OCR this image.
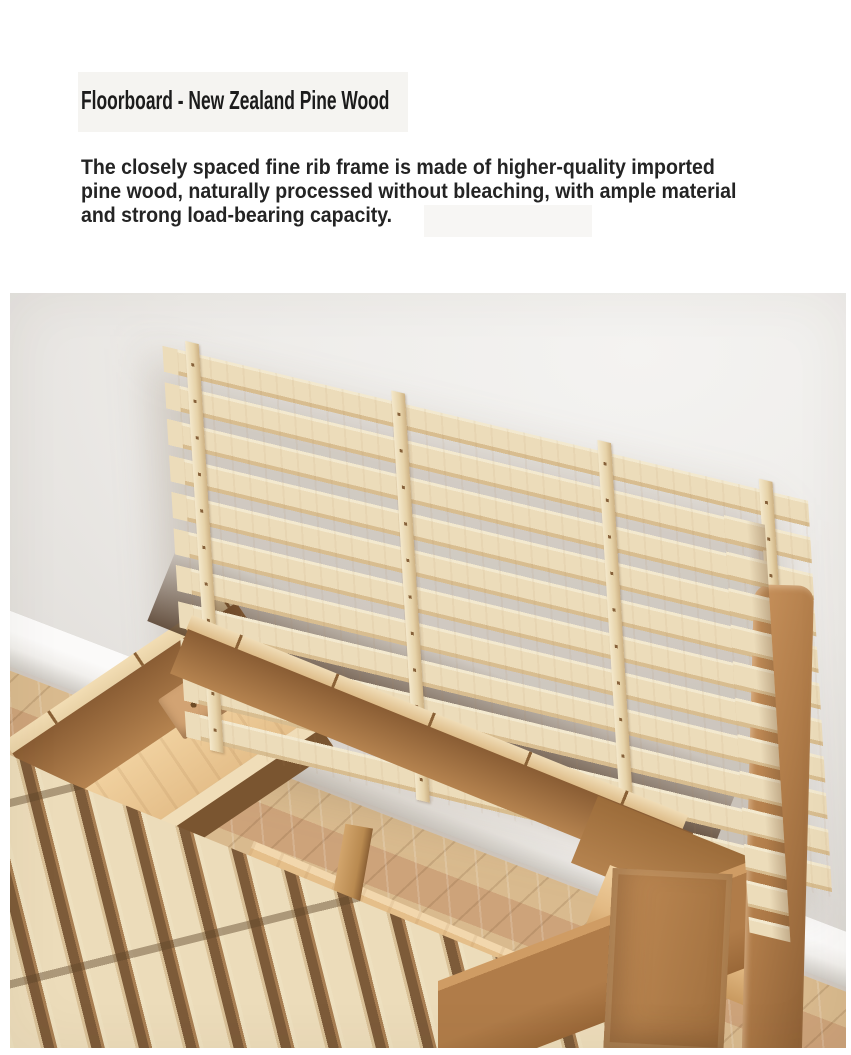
Floorboard - New Zealand Pine Wood
The closely spaced fine rib frame is made of higher-quality imported
pine wood, naturally processed without bleaching, with ample material
and strong load-bearing capacity.
